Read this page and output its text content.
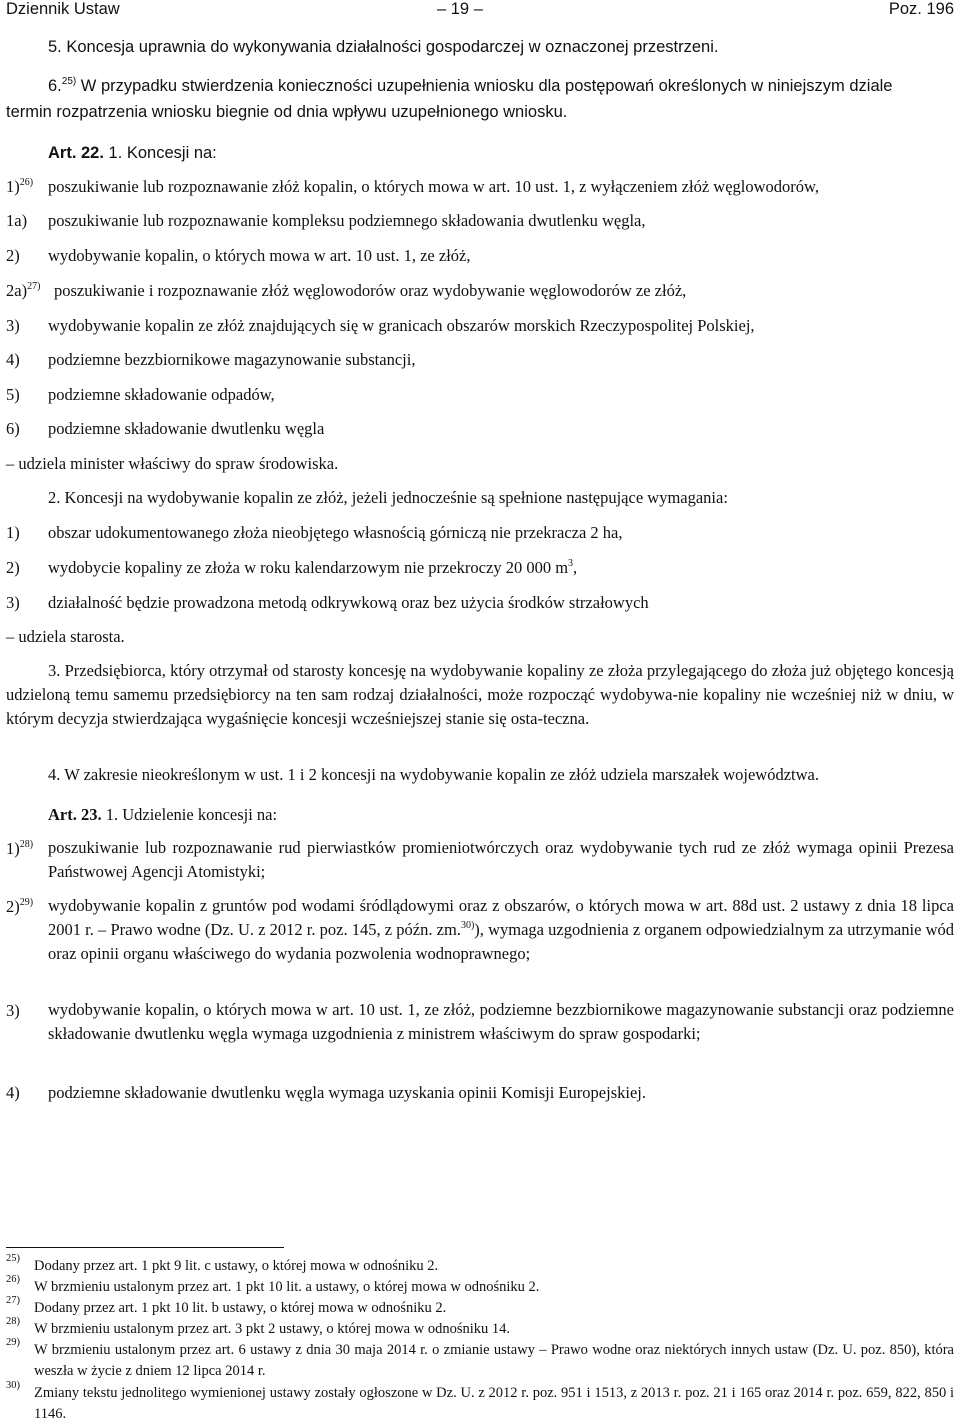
Dziennik Ustaw	– 19 –	Poz. 196
5. Koncesja uprawnia do wykonywania działalności gospodarczej w oznaczonej przestrzeni.
6.$^{25)}$ W przypadku stwierdzenia konieczności uzupełnienia wniosku dla postępowań określonych w niniejszym dziale
termin rozpatrzenia wniosku biegnie od dnia wpływu uzupełnionego wniosku.
Art. 22. 1. Koncesji na:
1)$^{26)}$ poszukiwanie lub rozpoznawanie złóż kopalin, o których mowa w art. 10 ust. 1, z wyłączeniem złóż węglowodorów,
1a) poszukiwanie lub rozpoznawanie kompleksu podziemnego składowania dwutlenku węgla,
2) wydobywanie kopalin, o których mowa w art. 10 ust. 1, ze złóż,
2a)$^{27)}$ poszukiwanie i rozpoznawanie złóż węglowodorów oraz wydobywanie węglowodorów ze złóż,
3) wydobywanie kopalin ze złóż znajdujących się w granicach obszarów morskich Rzeczypospolitej Polskiej,
4) podziemne bezzbiornikowe magazynowanie substancji,
5) podziemne składowanie odpadów,
6) podziemne składowanie dwutlenku węgla
– udziela minister właściwy do spraw środowiska.
2. Koncesji na wydobywanie kopalin ze złóż, jeżeli jednocześnie są spełnione następujące wymagania:
1) obszar udokumentowanego złoża nieobjętego własnością górniczą nie przekracza 2 ha,
2) wydobycie kopaliny ze złoża w roku kalendarzowym nie przekroczy 20 000 $m^3$,
3) działalność będzie prowadzona metodą odkrywkową oraz bez użycia środków strzałowych
– udziela starosta.
3. Przedsiębiorca, który otrzymał od starosty koncesję na wydobywanie kopaliny ze złoża przylegającego do złoża już objętego koncesją udzieloną temu samemu przedsiębiorcy na ten sam rodzaj działalności, może rozpocząć wydobywa-nie kopaliny nie wcześniej niż w dniu, w którym decyzja stwierdzająca wygaśnięcie koncesji wcześniejszej stanie się osta-teczna.
4. W zakresie nieokreślonym w ust. 1 i 2 koncesji na wydobywanie kopalin ze złóż udziela marszałek województwa.
Art. 23. 1. Udzielenie koncesji na:
1)$^{28)}$ poszukiwanie lub rozpoznawanie rud pierwiastków promieniotwórczych oraz wydobywanie tych rud ze złóż wymaga opinii Prezesa Państwowej Agencji Atomistyki;
2)$^{29)}$ wydobywanie kopalin z gruntów pod wodami śródlądowymi oraz z obszarów, o których mowa w art. 88d ust. 2 ustawy z dnia 18 lipca 2001 r. – Prawo wodne (Dz. U. z 2012 r. poz. 145, z późn. zm.$^{30)}$), wymaga uzgodnienia z organem odpowiedzialnym za utrzymanie wód oraz opinii organu właściwego do wydania pozwolenia wodnoprawnego;
3) wydobywanie kopalin, o których mowa w art. 10 ust. 1, ze złóż, podziemne bezzbiornikowe magazynowanie substancji oraz podziemne składowanie dwutlenku węgla wymaga uzgodnienia z ministrem właściwym do spraw gospodarki;
4) podziemne składowanie dwutlenku węgla wymaga uzyskania opinii Komisji Europejskiej.
25) Dodany przez art. 1 pkt 9 lit. c ustawy, o której mowa w odnośniku 2.
26) W brzmieniu ustalonym przez art. 1 pkt 10 lit. a ustawy, o której mowa w odnośniku 2.
27) Dodany przez art. 1 pkt 10 lit. b ustawy, o której mowa w odnośniku 2.
28) W brzmieniu ustalonym przez art. 3 pkt 2 ustawy, o której mowa w odnośniku 14.
29) W brzmieniu ustalonym przez art. 6 ustawy z dnia 30 maja 2014 r. o zmianie ustawy – Prawo wodne oraz niektórych innych ustaw (Dz. U. poz. 850), która weszła w życie z dniem 12 lipca 2014 r.
30) Zmiany tekstu jednolitego wymienionej ustawy zostały ogłoszone w Dz. U. z 2012 r. poz. 951 i 1513, z 2013 r. poz. 21 i 165 oraz 2014 r. poz. 659, 822, 850 i 1146.
